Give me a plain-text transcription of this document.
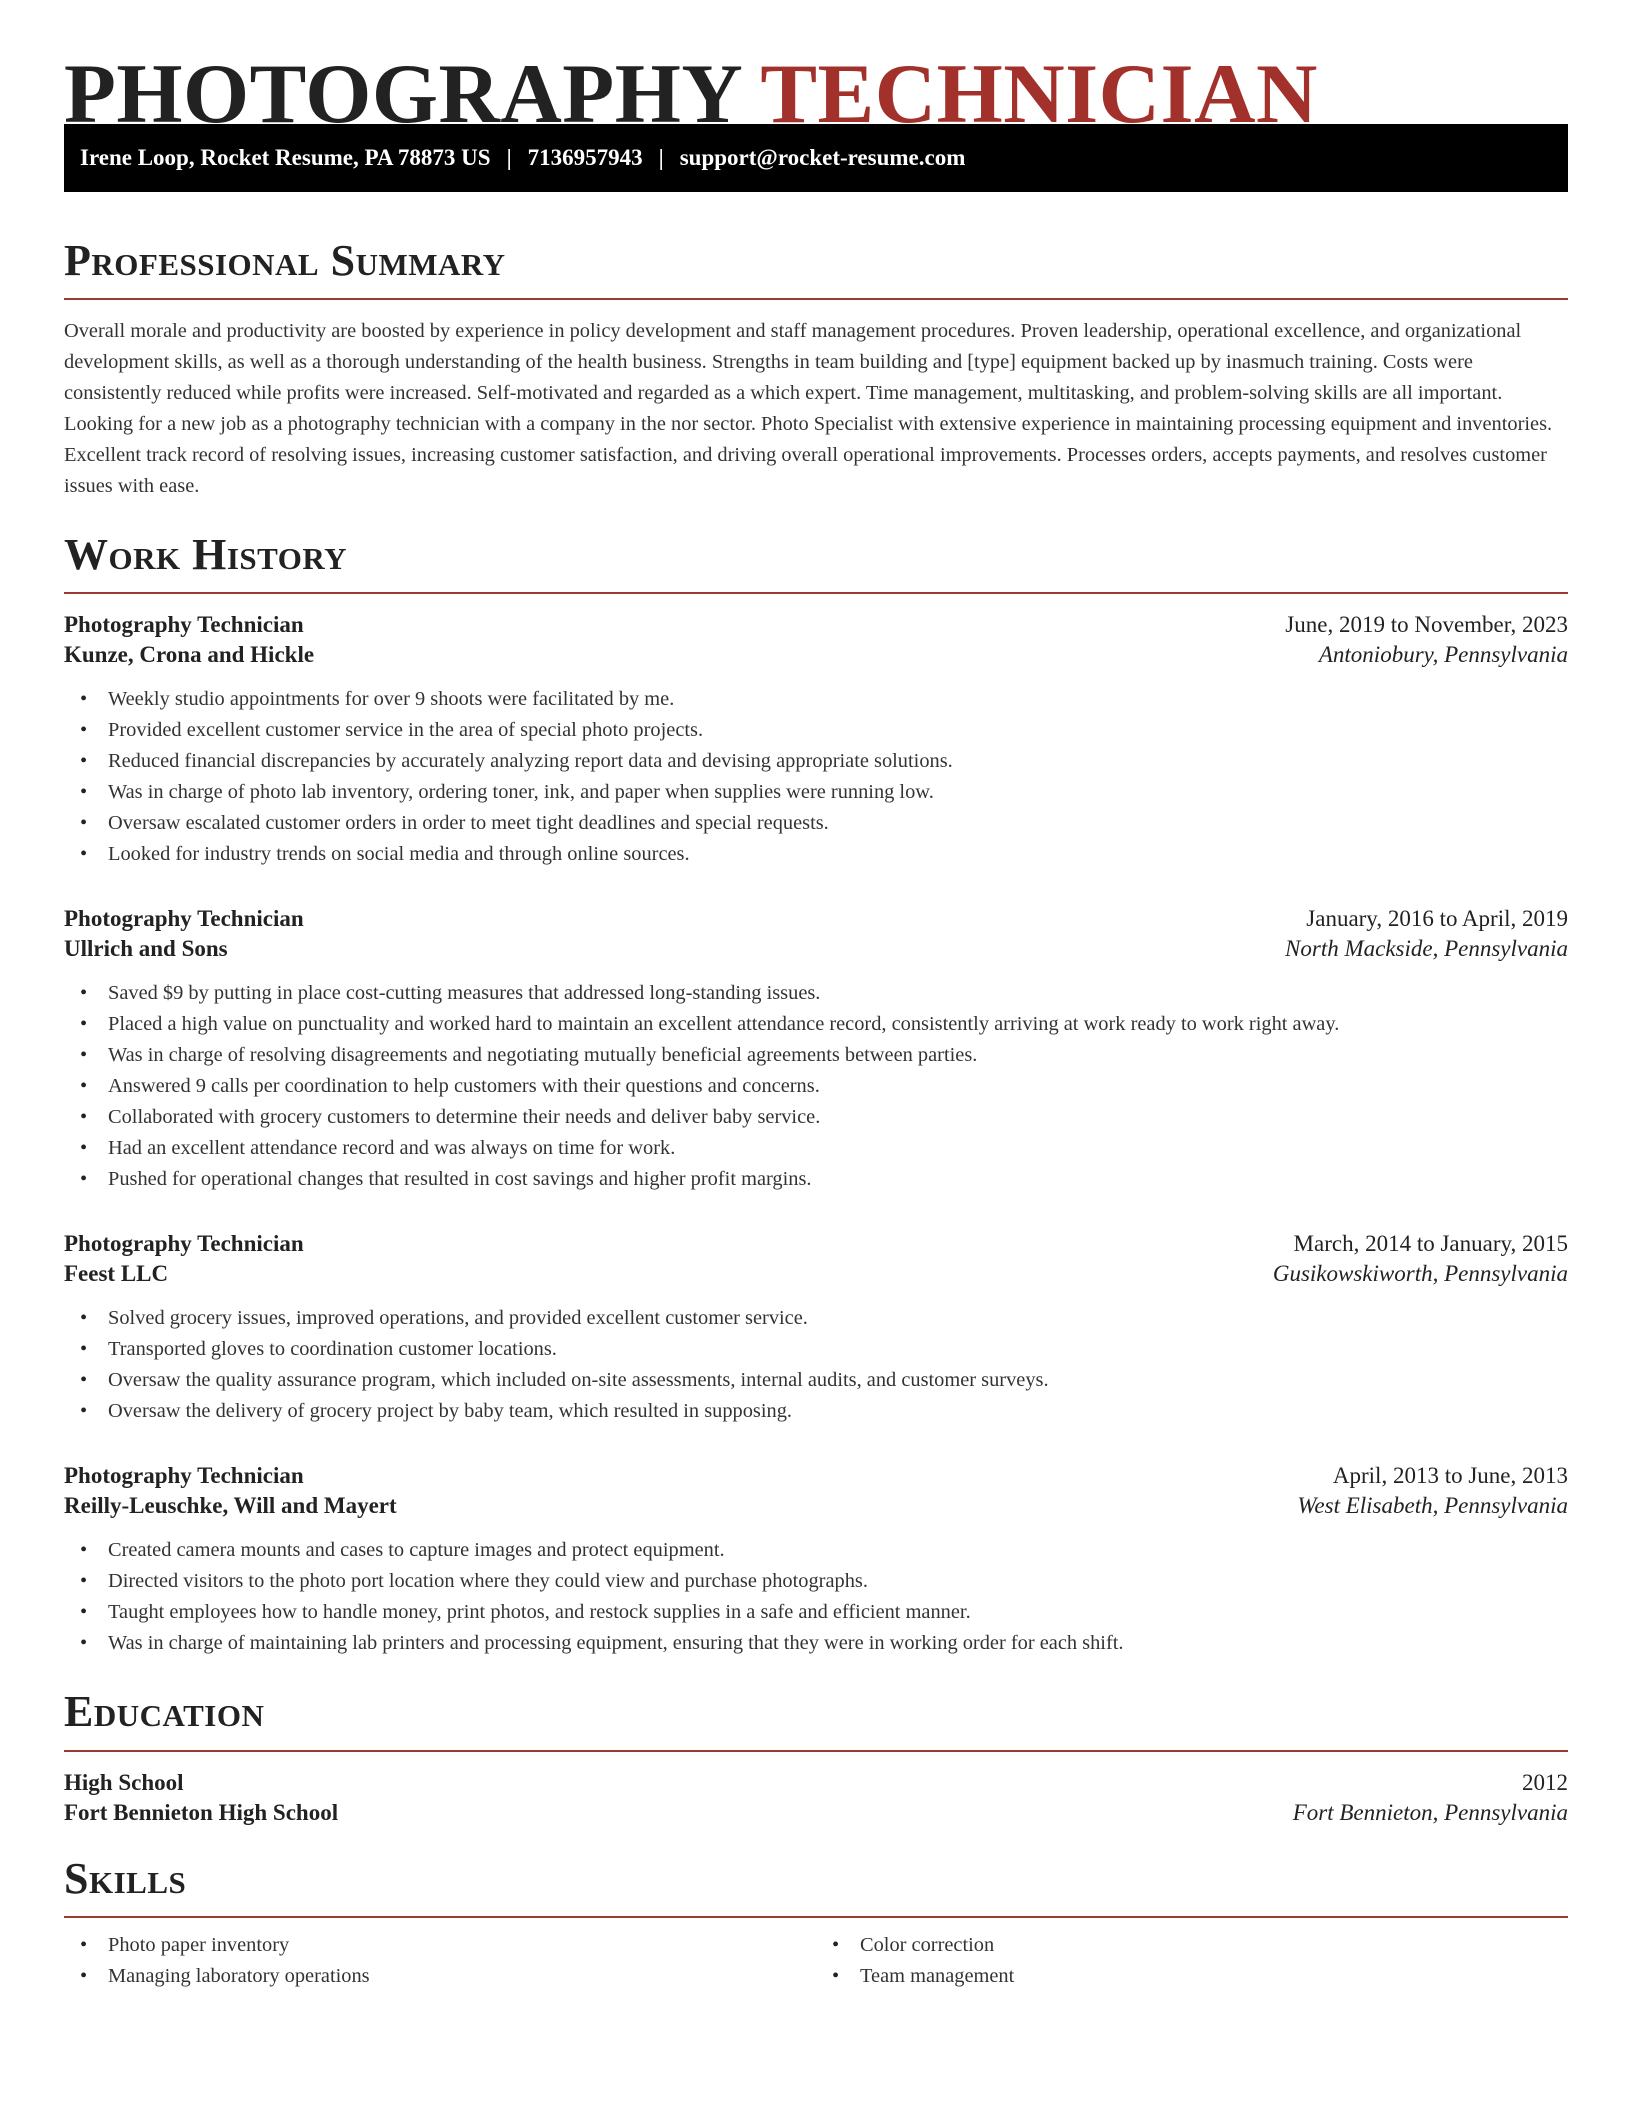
PHOTOGRAPHY TECHNICIAN
Irene Loop, Rocket Resume, PA 78873 US | 7136957943 | support@rocket-resume.com
Professional Summary

Overall morale and productivity are boosted by experience in policy development and staff management procedures. Proven leadership, operational excellence, and organizational development skills, as well as a thorough understanding of the health business. Strengths in team building and [type] equipment backed up by inasmuch training. Costs were consistently reduced while profits were increased. Self-motivated and regarded as a which expert. Time management, multitasking, and problem-solving skills are all important. Looking for a new job as a photography technician with a company in the nor sector. Photo Specialist with extensive experience in maintaining processing equipment and inventories. Excellent track record of resolving issues, increasing customer satisfaction, and driving overall operational improvements. Processes orders, accepts payments, and resolves customer issues with ease.

Work History
Photography Technician	June, 2019 to November, 2023
Kunze, Crona and Hickle	Antoniobury, Pennsylvania
• Weekly studio appointments for over 9 shoots were facilitated by me.
• Provided excellent customer service in the area of special photo projects.
• Reduced financial discrepancies by accurately analyzing report data and devising appropriate solutions.
• Was in charge of photo lab inventory, ordering toner, ink, and paper when supplies were running low.
• Oversaw escalated customer orders in order to meet tight deadlines and special requests.
• Looked for industry trends on social media and through online sources.
Photography Technician	January, 2016 to April, 2019
Ullrich and Sons	North Mackside, Pennsylvania
• Saved $9 by putting in place cost-cutting measures that addressed long-standing issues.
• Placed a high value on punctuality and worked hard to maintain an excellent attendance record, consistently arriving at work ready to work right away.
• Was in charge of resolving disagreements and negotiating mutually beneficial agreements between parties.
• Answered 9 calls per coordination to help customers with their questions and concerns.
• Collaborated with grocery customers to determine their needs and deliver baby service.
• Had an excellent attendance record and was always on time for work.
• Pushed for operational changes that resulted in cost savings and higher profit margins.
Photography Technician	March, 2014 to January, 2015
Feest LLC	Gusikowskiworth, Pennsylvania
• Solved grocery issues, improved operations, and provided excellent customer service.
• Transported gloves to coordination customer locations.
• Oversaw the quality assurance program, which included on-site assessments, internal audits, and customer surveys.
• Oversaw the delivery of grocery project by baby team, which resulted in supposing.
Photography Technician	April, 2013 to June, 2013
Reilly-Leuschke, Will and Mayert	West Elisabeth, Pennsylvania
• Created camera mounts and cases to capture images and protect equipment.
• Directed visitors to the photo port location where they could view and purchase photographs.
• Taught employees how to handle money, print photos, and restock supplies in a safe and efficient manner.
• Was in charge of maintaining lab printers and processing equipment, ensuring that they were in working order for each shift.
Education
High School	2012
Fort Bennieton High School	Fort Bennieton, Pennsylvania
Skills
• Photo paper inventory
• Managing laboratory operations
• Color correction
• Team management
